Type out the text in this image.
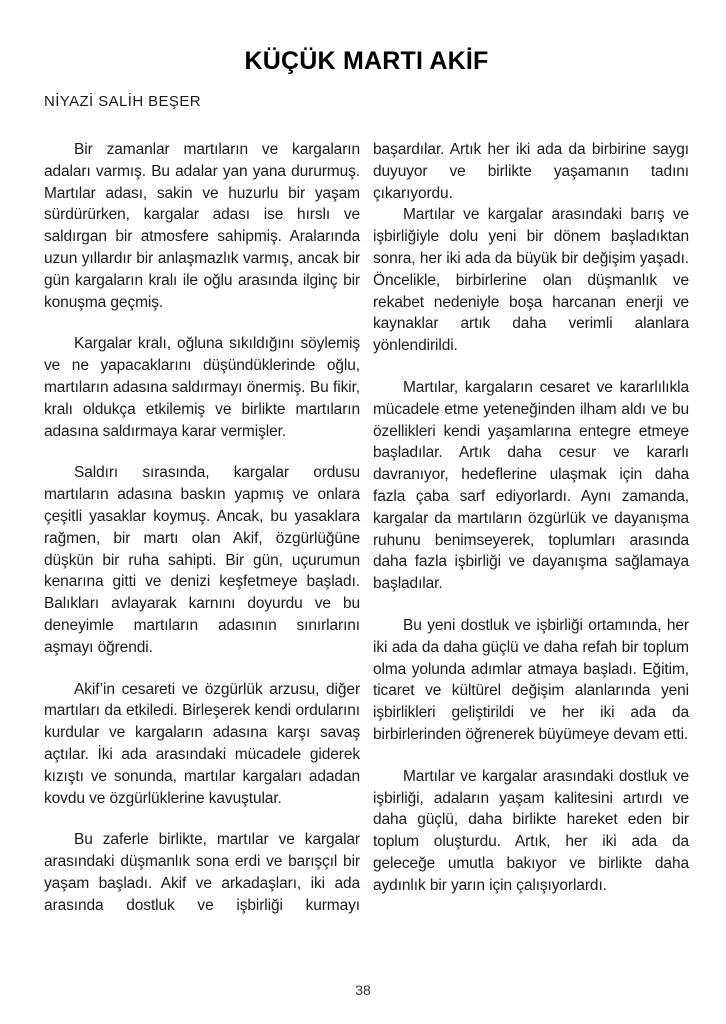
KÜÇÜK MARTI AKİF
NİYAZİ SALİH BEŞER

Bir zamanlar martıların ve kargaların adaları varmış. Bu adalar yan yana dururmuş. Martılar adası, sakin ve huzurlu bir yaşam sürdürürken, kargalar adası ise hırslı ve saldırgan bir atmosfere sahipmiş. Aralarında uzun yıllardır bir anlaşmazlık varmış, ancak bir gün kargaların kralı ile oğlu arasında ilginç bir konuşma geçmiş.

Kargalar kralı, oğluna sıkıldığını söylemiş ve ne yapacaklarını düşündüklerinde oğlu, martıların adasına saldırmayı önermiş. Bu fikir, kralı oldukça etkilemiş ve birlikte martıların adasına saldırmaya karar vermişler.

Saldırı sırasında, kargalar ordusu martıların adasına baskın yapmış ve onlara çeşitli yasaklar koymuş. Ancak, bu yasaklara rağmen, bir martı olan Akif, özgürlüğüne düşkün bir ruha sahipti. Bir gün, uçurumun kenarına gitti ve denizi keşfetmeye başladı. Balıkları avlayarak karnını doyurdu ve bu deneyimle martıların adasının sınırlarını aşmayı öğrendi.

Akif’in cesareti ve özgürlük arzusu, diğer martıları da etkiledi. Birleşerek kendi ordularını kurdular ve kargaların adasına karşı savaş açtılar. İki ada arasındaki mücadele giderek kızıştı ve sonunda, martılar kargaları adadan kovdu ve özgürlüklerine kavuştular.

Bu zaferle birlikte, martılar ve kargalar arasındaki düşmanlık sona erdi ve barışçıl bir yaşam başladı. Akif ve arkadaşları, iki ada arasında dostluk ve işbirliği kurmayı

başardılar. Artık her iki ada da birbirine saygı duyuyor ve birlikte yaşamanın tadını çıkarıyordu.

Martılar ve kargalar arasındaki barış ve işbirliğiyle dolu yeni bir dönem başladıktan sonra, her iki ada da büyük bir değişim yaşadı. Öncelikle, birbirlerine olan düşmanlık ve rekabet nedeniyle boşa harcanan enerji ve kaynaklar artık daha verimli alanlara yönlendirildi.

Martılar, kargaların cesaret ve kararlılıkla mücadele etme yeteneğinden ilham aldı ve bu özellikleri kendi yaşamlarına entegre etmeye başladılar. Artık daha cesur ve kararlı davranıyor, hedeflerine ulaşmak için daha fazla çaba sarf ediyorlardı. Aynı zamanda, kargalar da martıların özgürlük ve dayanışma ruhunu benimseyerek, toplumları arasında daha fazla işbirliği ve dayanışma sağlamaya başladılar.

Bu yeni dostluk ve işbirliği ortamında, her iki ada da daha güçlü ve daha refah bir toplum olma yolunda adımlar atmaya başladı. Eğitim, ticaret ve kültürel değişim alanlarında yeni işbirlikleri geliştirildi ve her iki ada da birbirlerinden öğrenerek büyümeye devam etti.

Martılar ve kargalar arasındaki dostluk ve işbirliği, adaların yaşam kalitesini artırdı ve daha güçlü, daha birlikte hareket eden bir toplum oluşturdu. Artık, her iki ada da geleceğe umutla bakıyor ve birlikte daha aydınlık bir yarın için çalışıyorlardı.

38
